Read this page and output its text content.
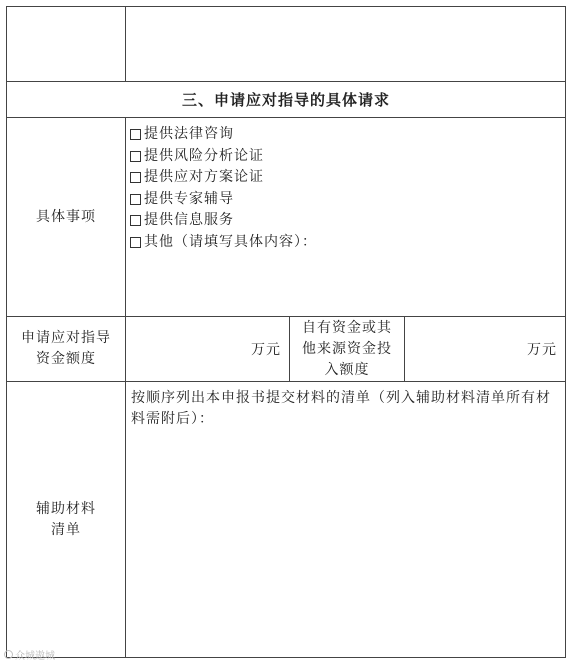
三、申请应对指导的具体请求
具体事项
提供法律咨询
提供风险分析论证
提供应对方案论证
提供专家辅导
提供信息服务
其他（请填写具体内容）：
申请应对指导
资金额度
万元
自有资金或其
他来源资金投
入额度
万元
辅助材料
清单
按顺序列出本申报书提交材料的清单（列入辅助材料清单所有材料需附后）：
众城遨城
